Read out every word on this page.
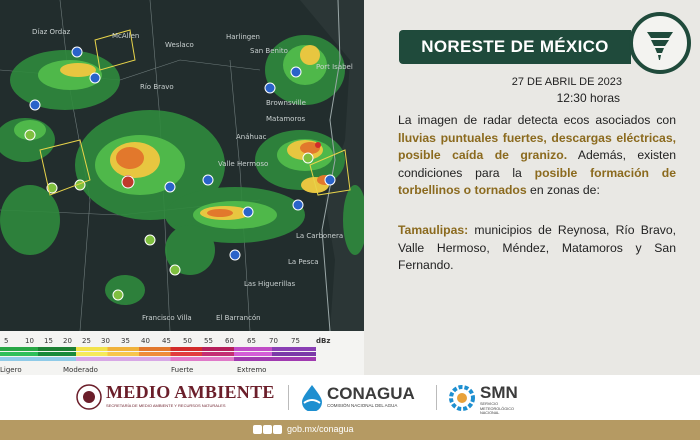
Díaz Ordaz	McAllen
Weslaco
Harlingen
San Benito
Port Isabel
Río Bravo
Brownsville
Matamoros
Anáhuac
Valle Hermoso
La Carbonera
La Pesca
Las Higuerillas
Francisco Villa	El Barrancón
5 10 15 20 25 30 35 40 45 50 55 60 65 70 75 dBz
Ligero	Moderado	Fuerte	Extremo
NORESTE DE MÉXICO
27 DE ABRIL DE 2023
12:30 horas
La imagen de radar detecta ecos asociados con lluvias puntuales fuertes, descargas eléctricas, posible caída de granizo. Además, existen condiciones para la posible formación de torbellinos o tornados en zonas de:
Tamaulipas: municipios de Reynosa, Río Bravo, Valle Hermoso, Méndez, Matamoros y San Fernando.
MEDIO AMBIENTE
SECRETARÍA DE MEDIO AMBIENTE Y RECURSOS NATURALES
CONAGUA
COMISIÓN NACIONAL DEL AGUA
SMN
SERVICIO METEOROLÓGICO NACIONAL
gob.mx/conagua
